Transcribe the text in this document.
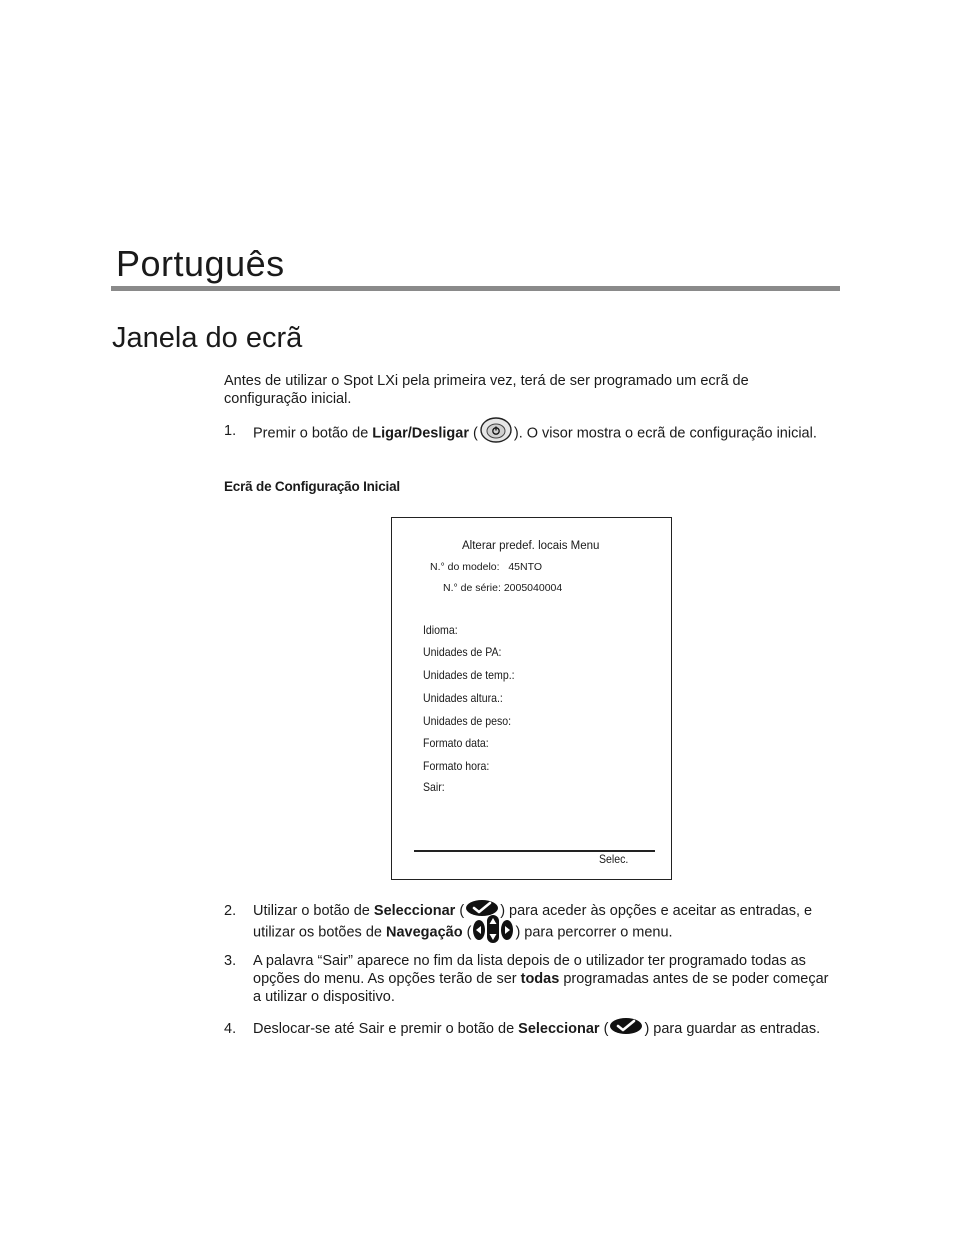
Português
Janela do ecrã
Antes de utilizar o Spot LXi pela primeira vez, terá de ser programado um ecrã de configuração inicial.
1. Premir o botão de Ligar/Desligar ( ). O visor mostra o ecrã de configuração inicial.
Ecrã de Configuração Inicial
Alterar predef. locais Menu
N.° do modelo: 45NTO
N.° de série: 2005040004
Idioma:
Unidades de PA:
Unidades de temp.:
Unidades altura.:
Unidades de peso:
Formato data:
Formato hora:
Sair:
Selec.
2. Utilizar o botão de Seleccionar ( ) para aceder às opções e aceitar as entradas, e utilizar os botões de Navegação (	) para percorrer o menu.
3. A palavra “Sair” aparece no fim da lista depois de o utilizador ter programado todas as opções do menu. As opções terão de ser todas programadas antes de se poder começar a utilizar o dispositivo.
4. Deslocar-se até Sair e premir o botão de Seleccionar ( ) para guardar as entradas.
